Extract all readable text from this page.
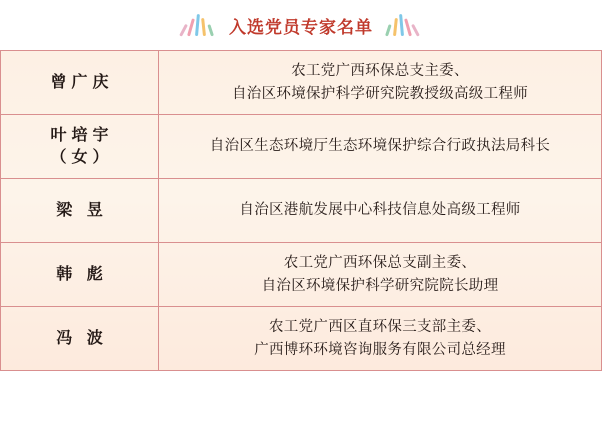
入选党员专家名单
曾广庆	农工党广西环保总支主委、
自治区环境保护科学研究院教授级高级工程师

叶培宇
（女）	自治区生态环境厅生态环境保护综合行政执法局科长

梁 昱	自治区港航发展中心科技信息处高级工程师

韩 彪	农工党广西环保总支副主委、
自治区环境保护科学研究院院长助理

冯 波	农工党广西区直环保三支部主委、
广西博环环境咨询服务有限公司总经理
